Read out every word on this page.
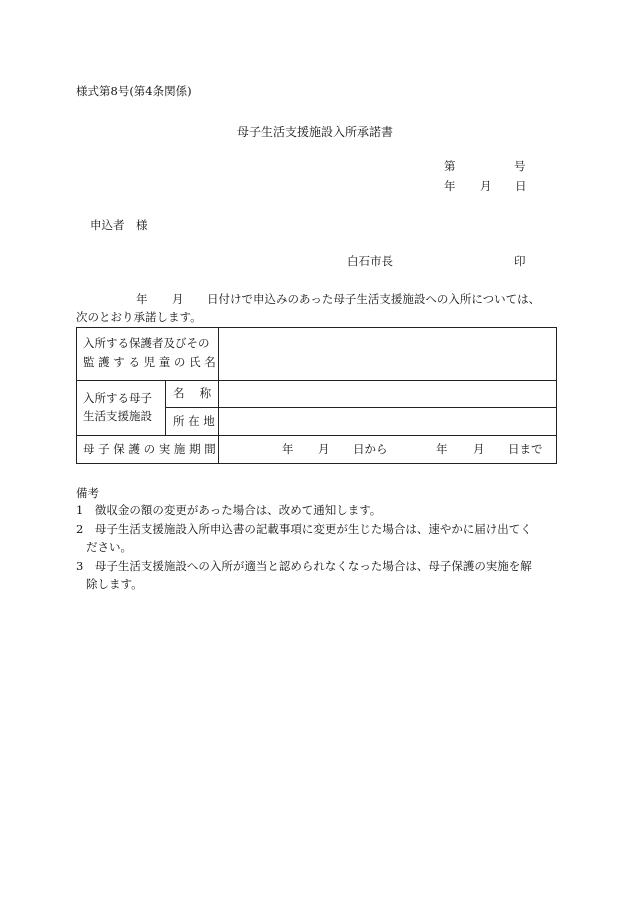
様式第8号(第4条関係)
母子生活支援施設入所承諾書
第	号
年 月 日
申込者 様
白石市長	印
年 月 日付けで申込みのあった母子生活支援施設への入所については、
次のとおり承諾します。
入所する保護者及びその
監 護 す る 児 童 の 氏 名
入所する母子
生活支援施設
名　 称
所 在 地
母 子 保 護 の 実 施 期 間	年 月 日から	年 月 日まで
備考
1　徴収金の額の変更があった場合は、改めて通知します。
2　母子生活支援施設入所申込書の記載事項に変更が生じた場合は、速やかに届け出てく
ださい。
3　母子生活支援施設への入所が適当と認められなくなった場合は、母子保護の実施を解
除します。
